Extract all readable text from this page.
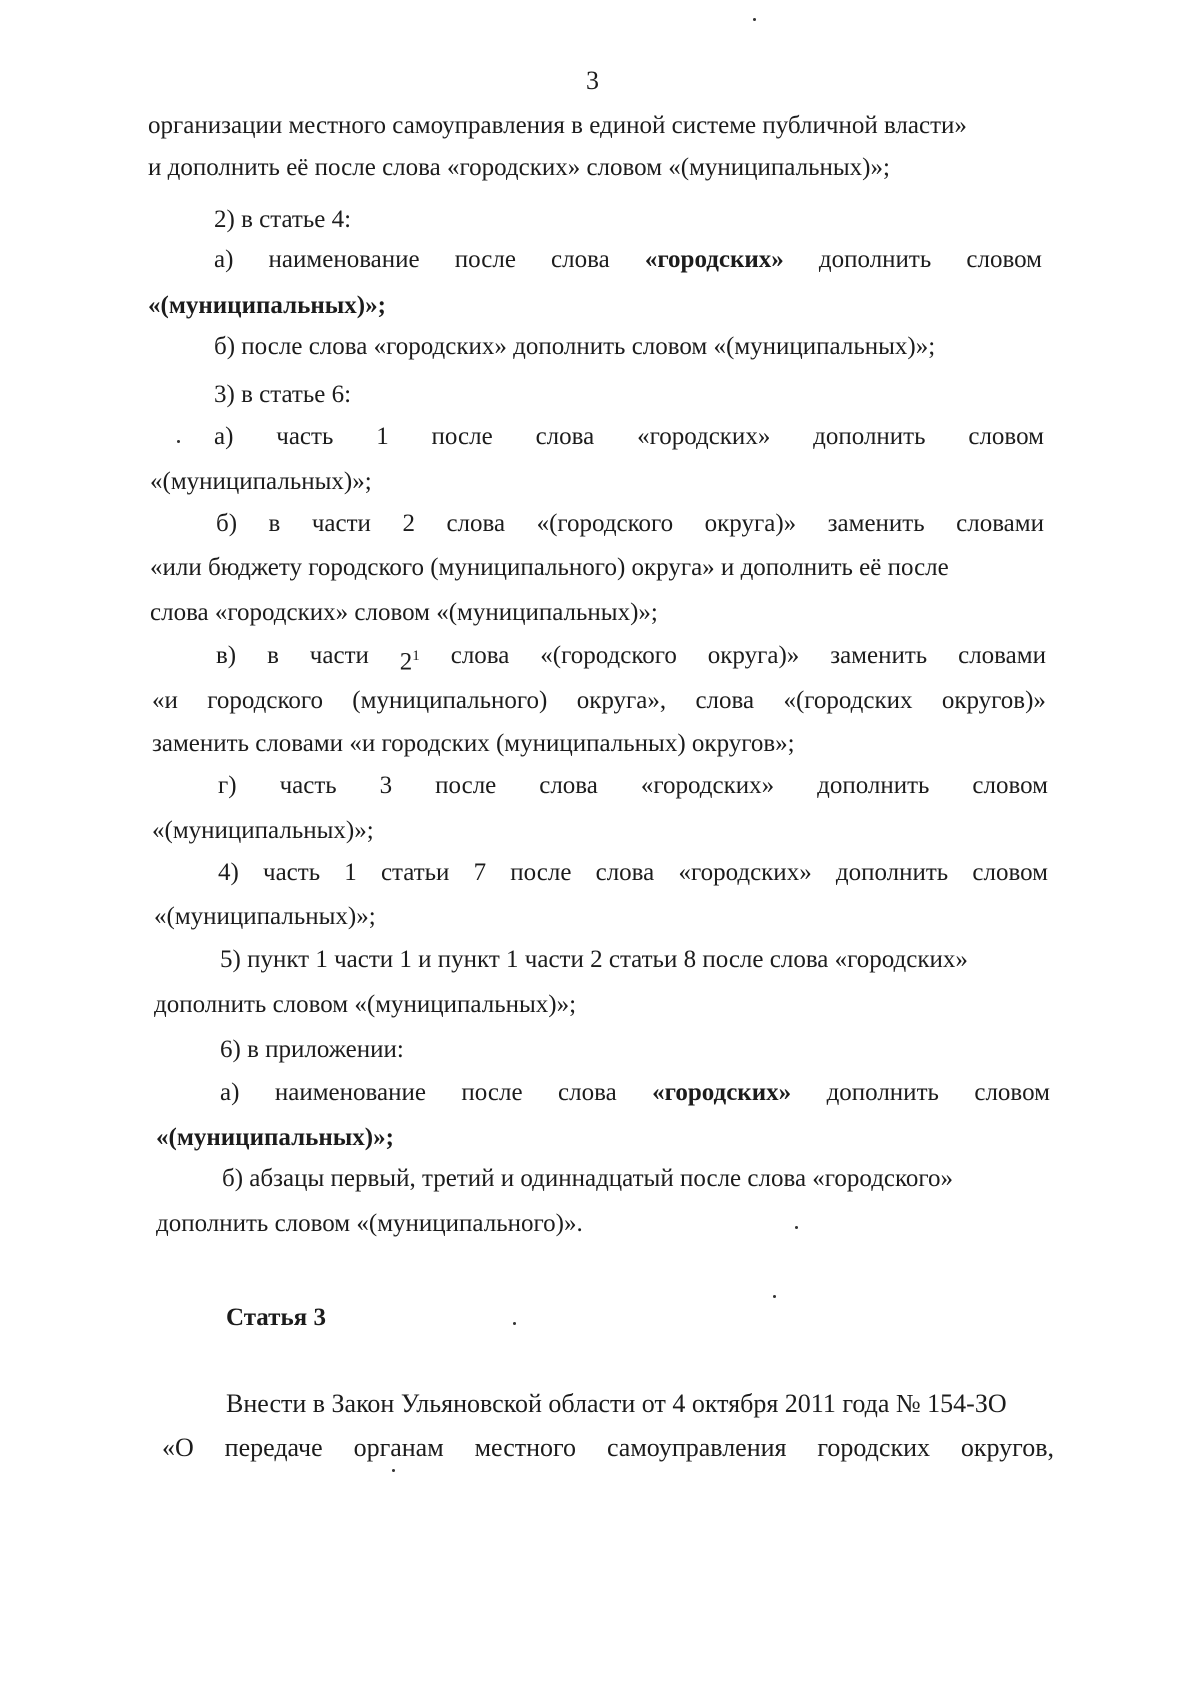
3
организации местного самоуправления в единой системе публичной власти»
и дополнить её после слова «городских» словом «(муниципальных)»;
2) в статье 4:
а) наименование после слова «городских» дополнить словом
«(муниципальных)»;
б) после слова «городских» дополнить словом «(муниципальных)»;
3) в статье 6:
а) часть 1 после слова «городских» дополнить словом
«(муниципальных)»;
б) в части 2 слова «(городского округа)» заменить словами
«или бюджету городского (муниципального) округа» и дополнить её после
слова «городских» словом «(муниципальных)»;
в) в части $2^1$ слова «(городского округа)» заменить словами
«и городского (муниципального) округа», слова «(городских округов)»
заменить словами «и городских (муниципальных) округов»;
г) часть 3 после слова «городских» дополнить словом
«(муниципальных)»;
4) часть 1 статьи 7 после слова «городских» дополнить словом
«(муниципальных)»;
5) пункт 1 части 1 и пункт 1 части 2 статьи 8 после слова «городских»
дополнить словом «(муниципальных)»;
6) в приложении:
а) наименование после слова «городских» дополнить словом
«(муниципальных)»;
б) абзацы первый, третий и одиннадцатый после слова «городского»
дополнить словом «(муниципального)».
Статья 3
Внести в Закон Ульяновской области от 4 октября 2011 года № 154-ЗО
«О передаче органам местного самоуправления городских округов,
